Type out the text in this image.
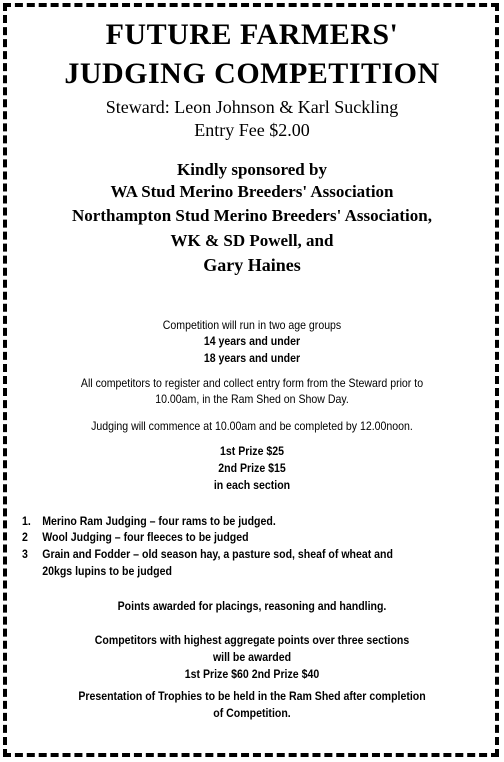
FUTURE FARMERS'
JUDGING COMPETITION
Steward: Leon Johnson & Karl Suckling
Entry Fee $2.00
Kindly sponsored by
WA Stud Merino Breeders' Association
Northampton Stud Merino Breeders' Association,
WK & SD Powell, and
Gary Haines
Competition will run in two age groups
14 years and under
18 years and under
All competitors to register and collect entry form from the Steward prior to
10.00am, in the Ram Shed on Show Day.
Judging will commence at 10.00am and be completed by 12.00noon.
1st Prize $25
2nd Prize $15
in each section
1. Merino Ram Judging – four rams to be judged.
2 Wool Judging – four fleeces to be judged
3 Grain and Fodder – old season hay, a pasture sod, sheaf of wheat and
20kgs lupins to be judged
Points awarded for placings, reasoning and handling.
Competitors with highest aggregate points over three sections
will be awarded
1st Prize $60 2nd Prize $40
Presentation of Trophies to be held in the Ram Shed after completion
of Competition.
